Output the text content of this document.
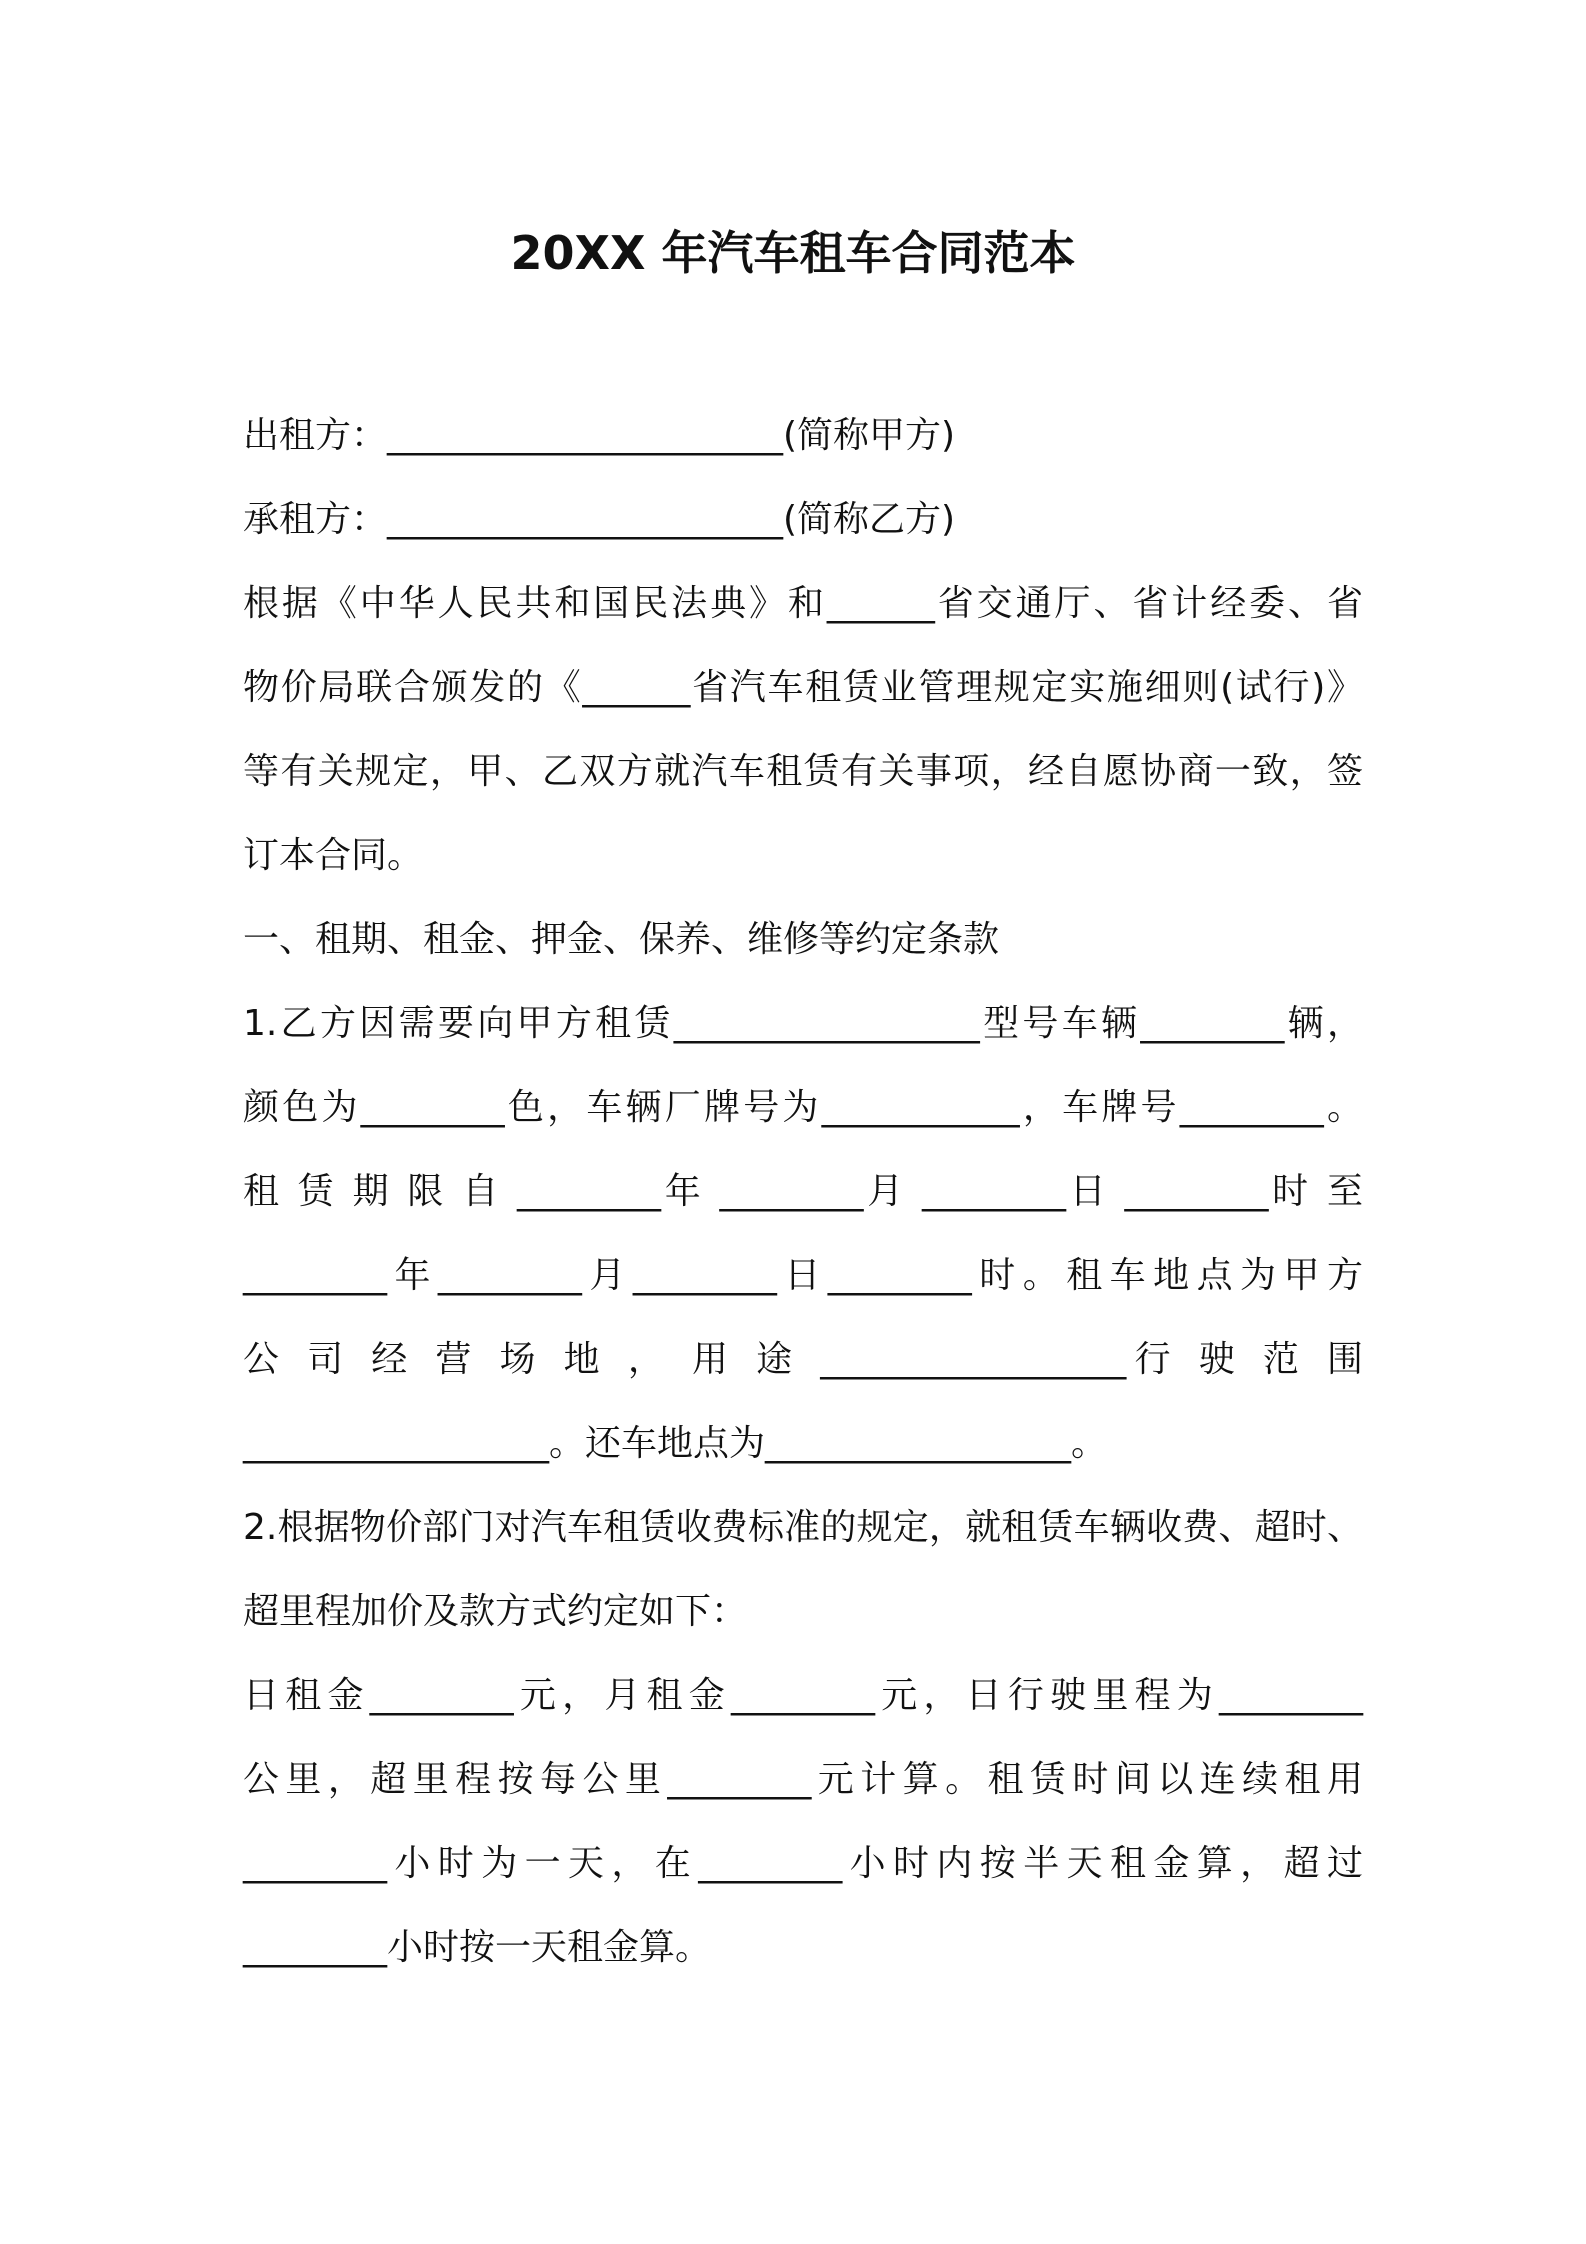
20XX 年汽车租车合同范本
出租方：______________________(简称甲方)
承租方：______________________(简称乙方)
根据《中华人民共和国民法典》和______省交通厅、省计经委、省
物价局联合颁发的《______省汽车租赁业管理规定实施细则(试行)》
等有关规定，甲、乙双方就汽车租赁有关事项，经自愿协商一致，签
订本合同。
一、租期、租金、押金、保养、维修等约定条款
1.乙方因需要向甲方租赁_________________型号车辆________辆，
颜色为________色，车辆厂牌号为___________，车牌号________。
租 赁 期 限 自 ________年 ________月 ________日 ________时 至
________年________月________日________时。租车地点为甲方
公 司 经 营 场 地 ， 用 途 _________________行 驶 范 围
_________________。还车地点为_________________。
2.根据物价部门对汽车租赁收费标准的规定，就租赁车辆收费、超时、
超里程加价及款方式约定如下：
日租金________元，月租金________元，日行驶里程为________
公里，超里程按每公里________元计算。租赁时间以连续租用
________小时为一天，在________小时内按半天租金算，超过
________小时按一天租金算。
